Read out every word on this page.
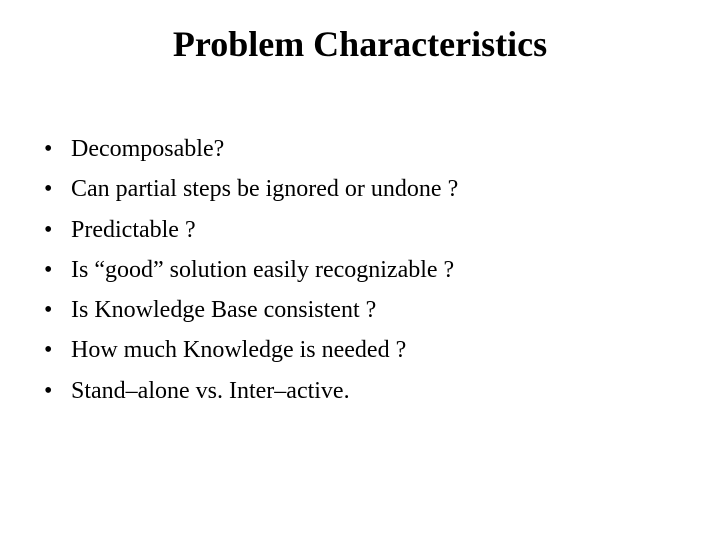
Problem Characteristics
• Decomposable?
• Can partial steps be ignored or undone ?
• Predictable ?
• Is “good” solution easily recognizable ?
• Is Knowledge Base consistent ?
• How much Knowledge is needed ?
• Stand–alone vs. Inter–active.
